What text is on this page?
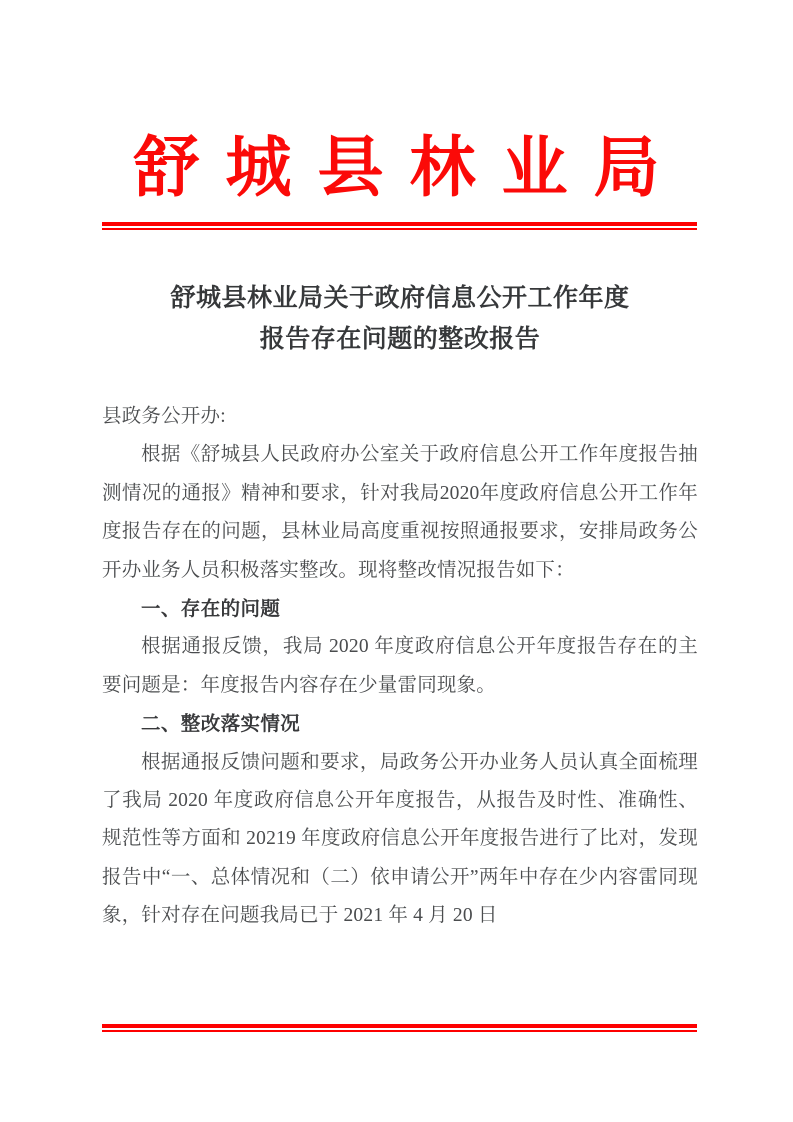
舒城县林业局
舒城县林业局关于政府信息公开工作年度
报告存在问题的整改报告

县政务公开办:

根据《舒城县人民政府办公室关于政府信息公开工作年度报告抽测情况的通报》精神和要求，针对我局2020年度政府信息公开工作年度报告存在的问题，县林业局高度重视按照通报要求，安排局政务公开办业务人员积极落实整改。现将整改情况报告如下：

一、存在的问题

根据通报反馈，我局 2020 年度政府信息公开年度报告存在的主要问题是：年度报告内容存在少量雷同现象。

二、整改落实情况

根据通报反馈问题和要求，局政务公开办业务人员认真全面梳理了我局 2020 年度政府信息公开年度报告，从报告及时性、准确性、规范性等方面和 20219 年度政府信息公开年度报告进行了比对，发现报告中“一、总体情况和（二）依申请公开”两年中存在少内容雷同现象，针对存在问题我局已于 2021 年 4 月 20 日
